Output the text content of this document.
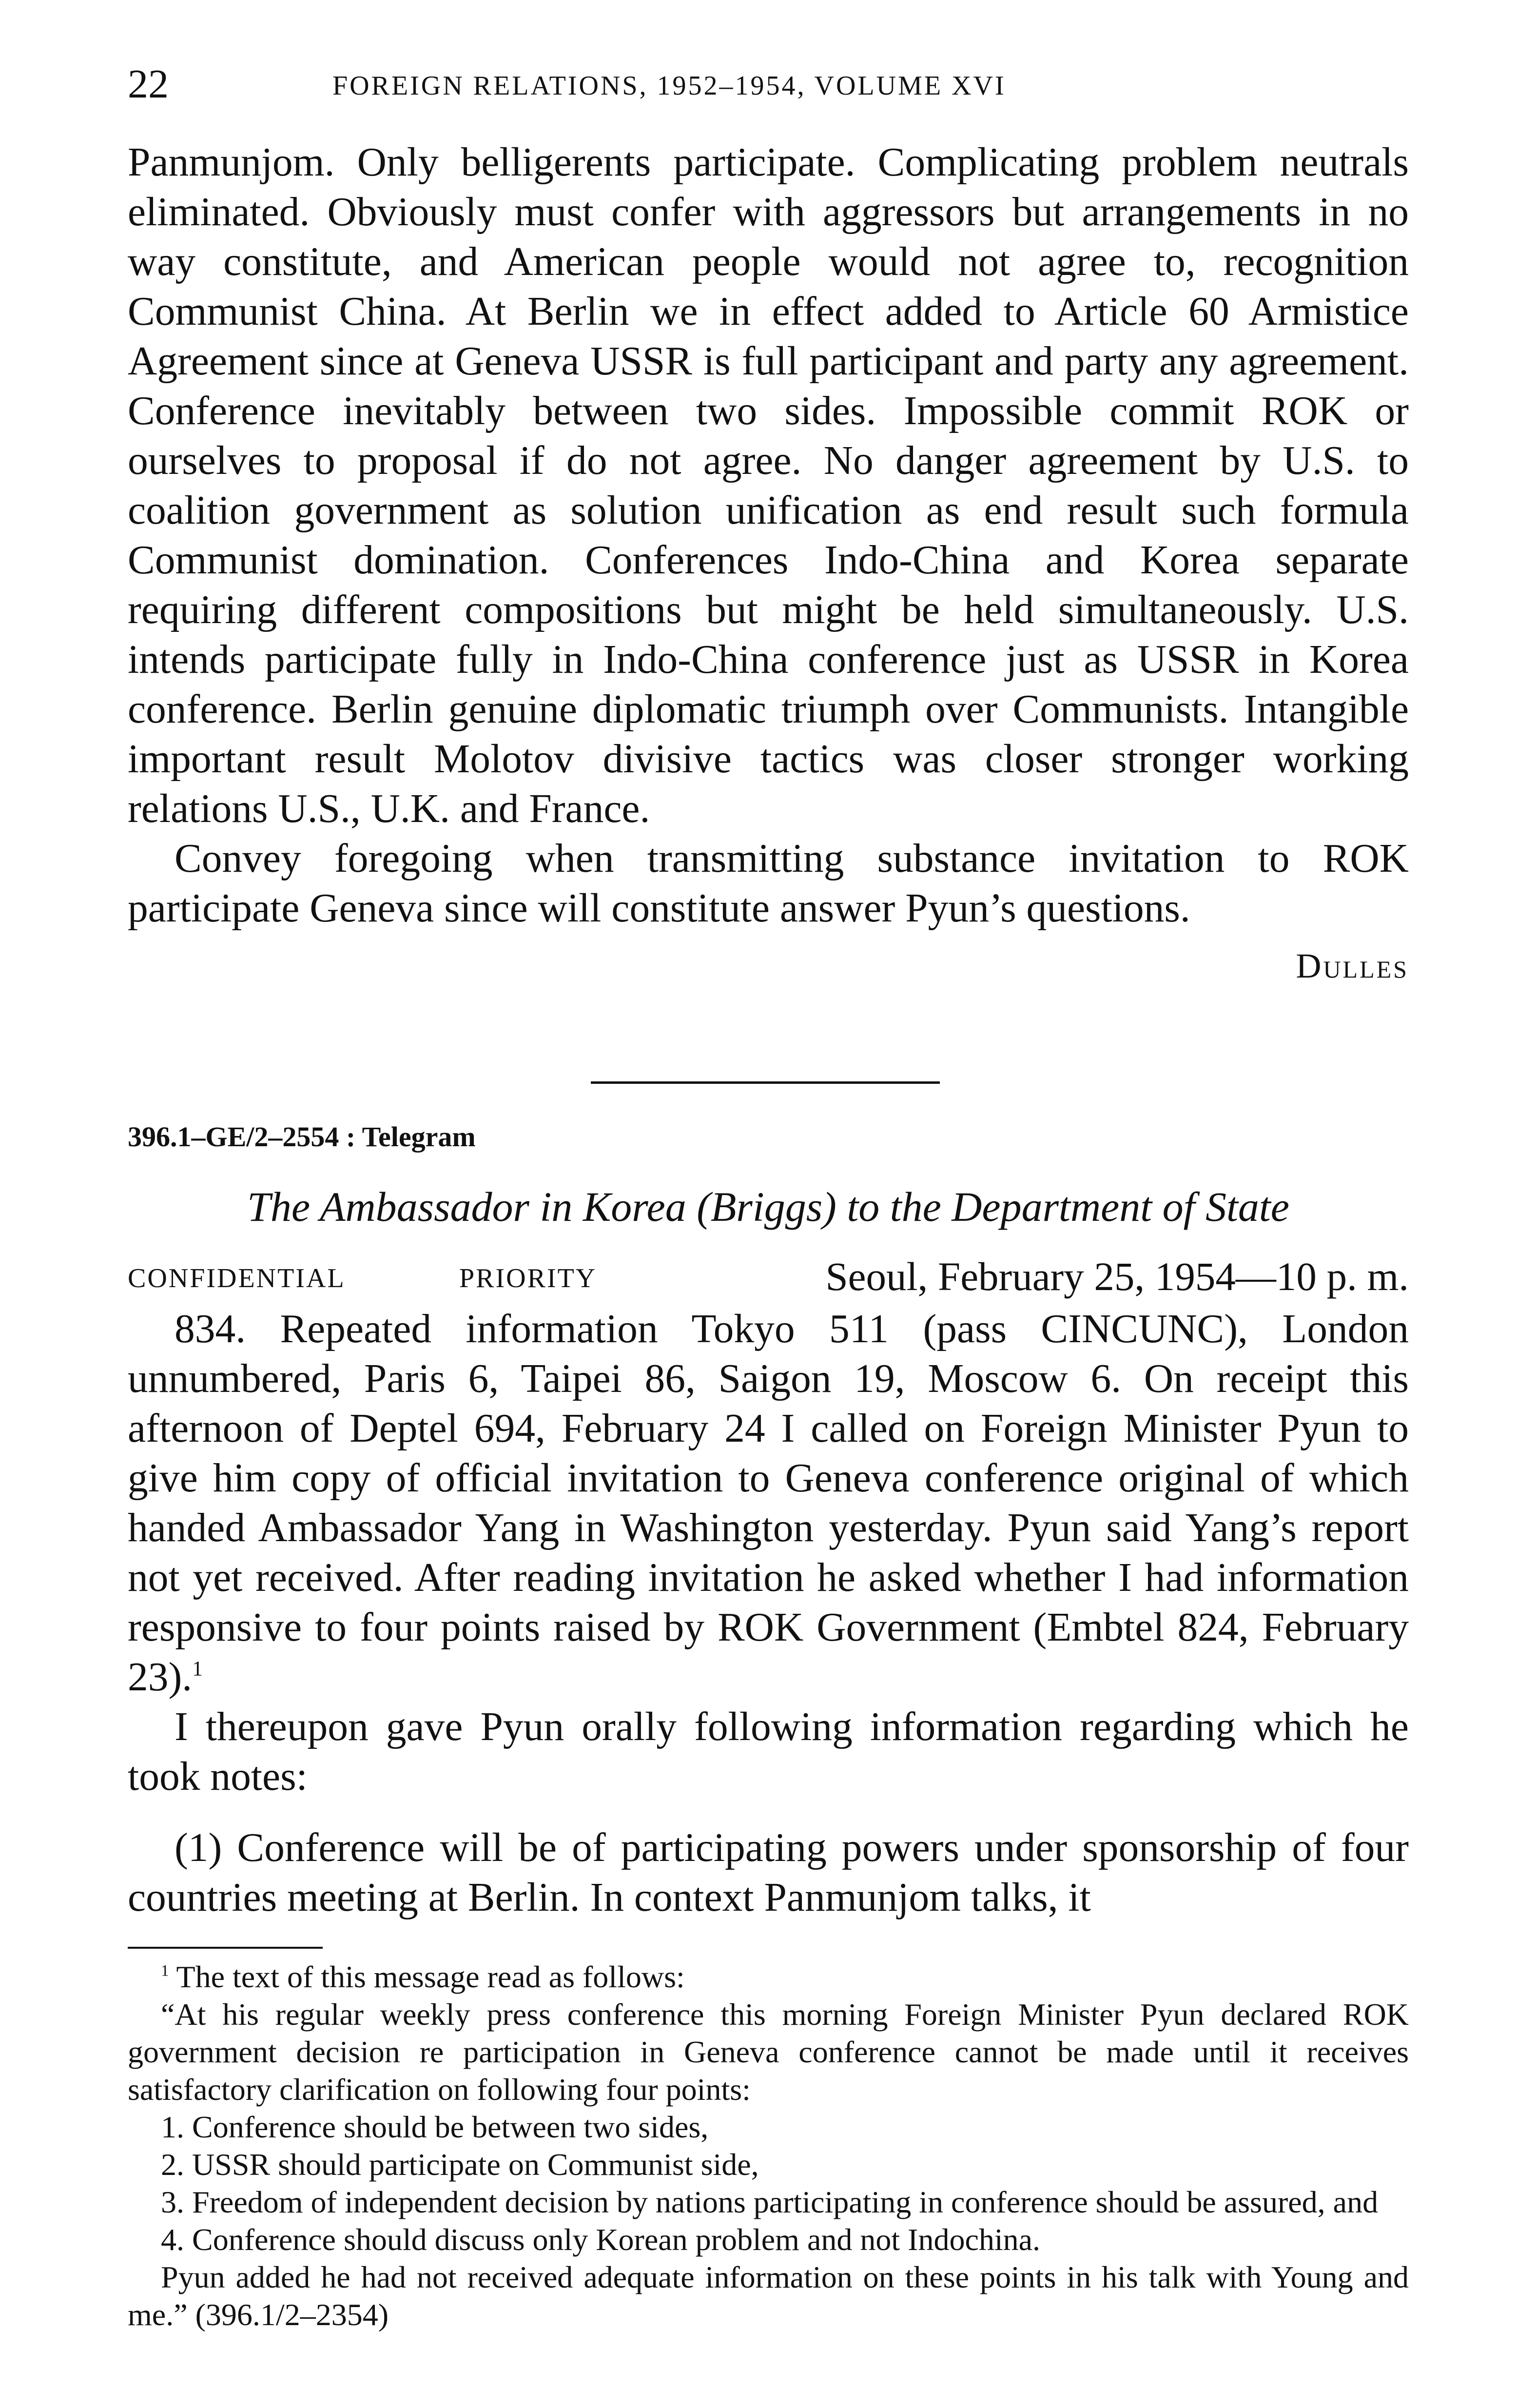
22	FOREIGN RELATIONS, 1952–1954, VOLUME XVI

Panmunjom. Only belligerents participate. Complicating problem neutrals eliminated. Obviously must confer with aggressors but arrangements in no way constitute, and American people would not agree to, recognition Communist China. At Berlin we in effect added to Article 60 Armistice Agreement since at Geneva USSR is full participant and party any agreement. Conference inevitably between two sides. Impossible commit ROK or ourselves to proposal if do not agree. No danger agreement by U.S. to coalition government as solution unification as end result such formula Communist domination. Conferences Indo-China and Korea separate requiring different compositions but might be held simultaneously. U.S. intends participate fully in Indo-China conference just as USSR in Korea conference. Berlin genuine diplomatic triumph over Communists. Intangible important result Molotov divisive tactics was closer stronger working relations U.S., U.K. and France.

Convey foregoing when transmitting substance invitation to ROK participate Geneva since will constitute answer Pyun’s questions.

Dulles

396.1–GE/2–2554 : Telegram

The Ambassador in Korea (Briggs) to the Department of State

CONFIDENTIAL	PRIORITY	Seoul, February 25, 1954—10 p. m.

834. Repeated information Tokyo 511 (pass CINCUNC), London unnumbered, Paris 6, Taipei 86, Saigon 19, Moscow 6. On receipt this afternoon of Deptel 694, February 24 I called on Foreign Minister Pyun to give him copy of official invitation to Geneva conference original of which handed Ambassador Yang in Washington yesterday. Pyun said Yang’s report not yet received. After reading invitation he asked whether I had information responsive to four points raised by ROK Government (Embtel 824, February 23).$^1$

I thereupon gave Pyun orally following information regarding which he took notes:

(1) Conference will be of participating powers under sponsorship of four countries meeting at Berlin. In context Panmunjom talks, it

$^1$ The text of this message read as follows:

“At his regular weekly press conference this morning Foreign Minister Pyun declared ROK government decision re participation in Geneva conference cannot be made until it receives satisfactory clarification on following four points:

1. Conference should be between two sides,

2. USSR should participate on Communist side,

3. Freedom of independent decision by nations participating in conference should be assured, and

4. Conference should discuss only Korean problem and not Indochina.

Pyun added he had not received adequate information on these points in his talk with Young and me.” (396.1/2–2354)
